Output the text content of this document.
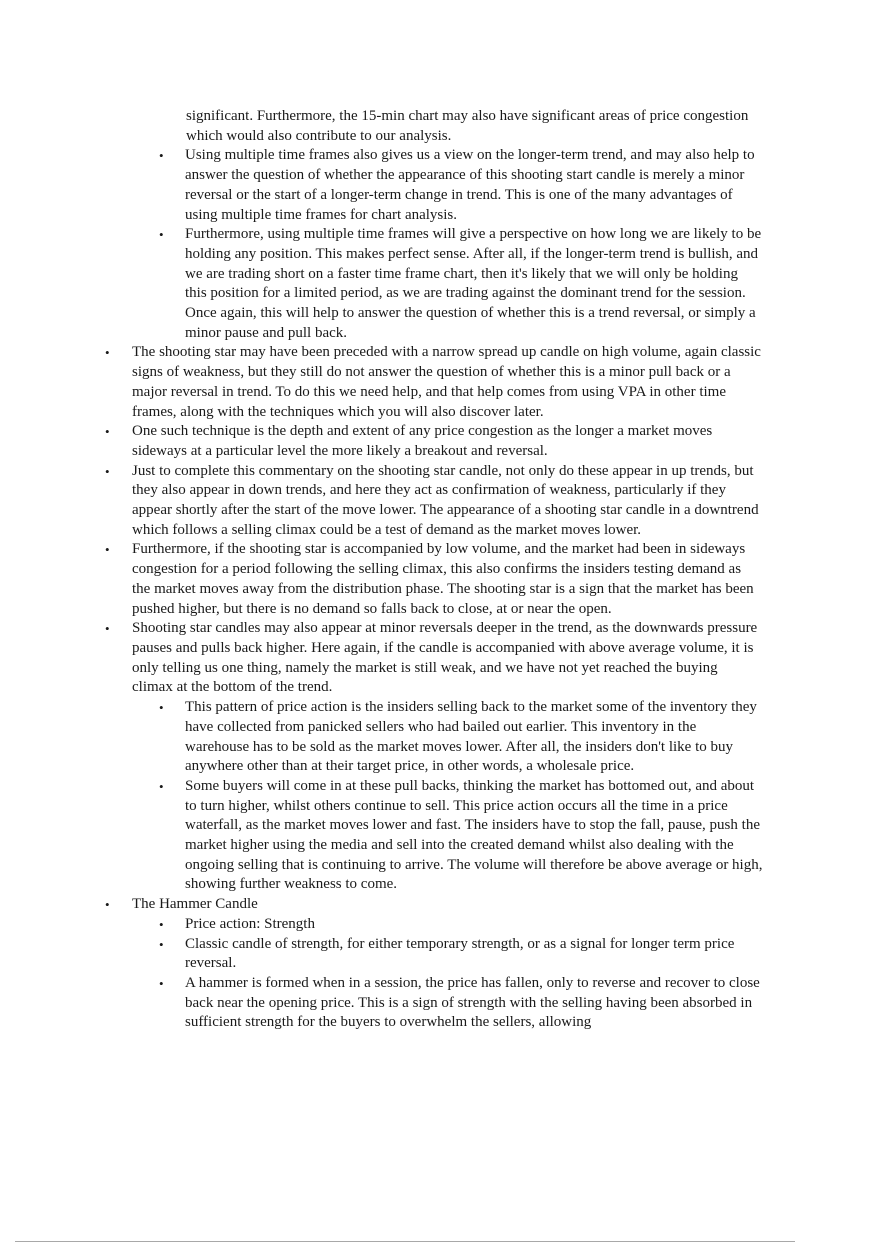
significant. Furthermore, the 15-min chart may also have significant areas of price congestion which would also contribute to our analysis.
• Using multiple time frames also gives us a view on the longer-term trend, and may also help to answer the question of whether the appearance of this shooting start candle is merely a minor reversal or the start of a longer-term change in trend. This is one of the many advantages of using multiple time frames for chart analysis.
• Furthermore, using multiple time frames will give a perspective on how long we are likely to be holding any position. This makes perfect sense. After all, if the longer-term trend is bullish, and we are trading short on a faster time frame chart, then it's likely that we will only be holding this position for a limited period, as we are trading against the dominant trend for the session. Once again, this will help to answer the question of whether this is a trend reversal, or simply a minor pause and pull back.
• The shooting star may have been preceded with a narrow spread up candle on high volume, again classic signs of weakness, but they still do not answer the question of whether this is a minor pull back or a major reversal in trend. To do this we need help, and that help comes from using VPA in other time frames, along with the techniques which you will also discover later.
• One such technique is the depth and extent of any price congestion as the longer a market moves sideways at a particular level the more likely a breakout and reversal.
• Just to complete this commentary on the shooting star candle, not only do these appear in up trends, but they also appear in down trends, and here they act as confirmation of weakness, particularly if they appear shortly after the start of the move lower. The appearance of a shooting star candle in a downtrend which follows a selling climax could be a test of demand as the market moves lower.
• Furthermore, if the shooting star is accompanied by low volume, and the market had been in sideways congestion for a period following the selling climax, this also confirms the insiders testing demand as the market moves away from the distribution phase. The shooting star is a sign that the market has been pushed higher, but there is no demand so falls back to close, at or near the open.
• Shooting star candles may also appear at minor reversals deeper in the trend, as the downwards pressure pauses and pulls back higher. Here again, if the candle is accompanied with above average volume, it is only telling us one thing, namely the market is still weak, and we have not yet reached the buying climax at the bottom of the trend.
• This pattern of price action is the insiders selling back to the market some of the inventory they have collected from panicked sellers who had bailed out earlier. This inventory in the warehouse has to be sold as the market moves lower. After all, the insiders don't like to buy anywhere other than at their target price, in other words, a wholesale price.
• Some buyers will come in at these pull backs, thinking the market has bottomed out, and about to turn higher, whilst others continue to sell. This price action occurs all the time in a price waterfall, as the market moves lower and fast. The insiders have to stop the fall, pause, push the market higher using the media and sell into the created demand whilst also dealing with the ongoing selling that is continuing to arrive. The volume will therefore be above average or high, showing further weakness to come.
• The Hammer Candle
• Price action: Strength
• Classic candle of strength, for either temporary strength, or as a signal for longer term price reversal.
• A hammer is formed when in a session, the price has fallen, only to reverse and recover to close back near the opening price. This is a sign of strength with the selling having been absorbed in sufficient strength for the buyers to overwhelm the sellers, allowing
